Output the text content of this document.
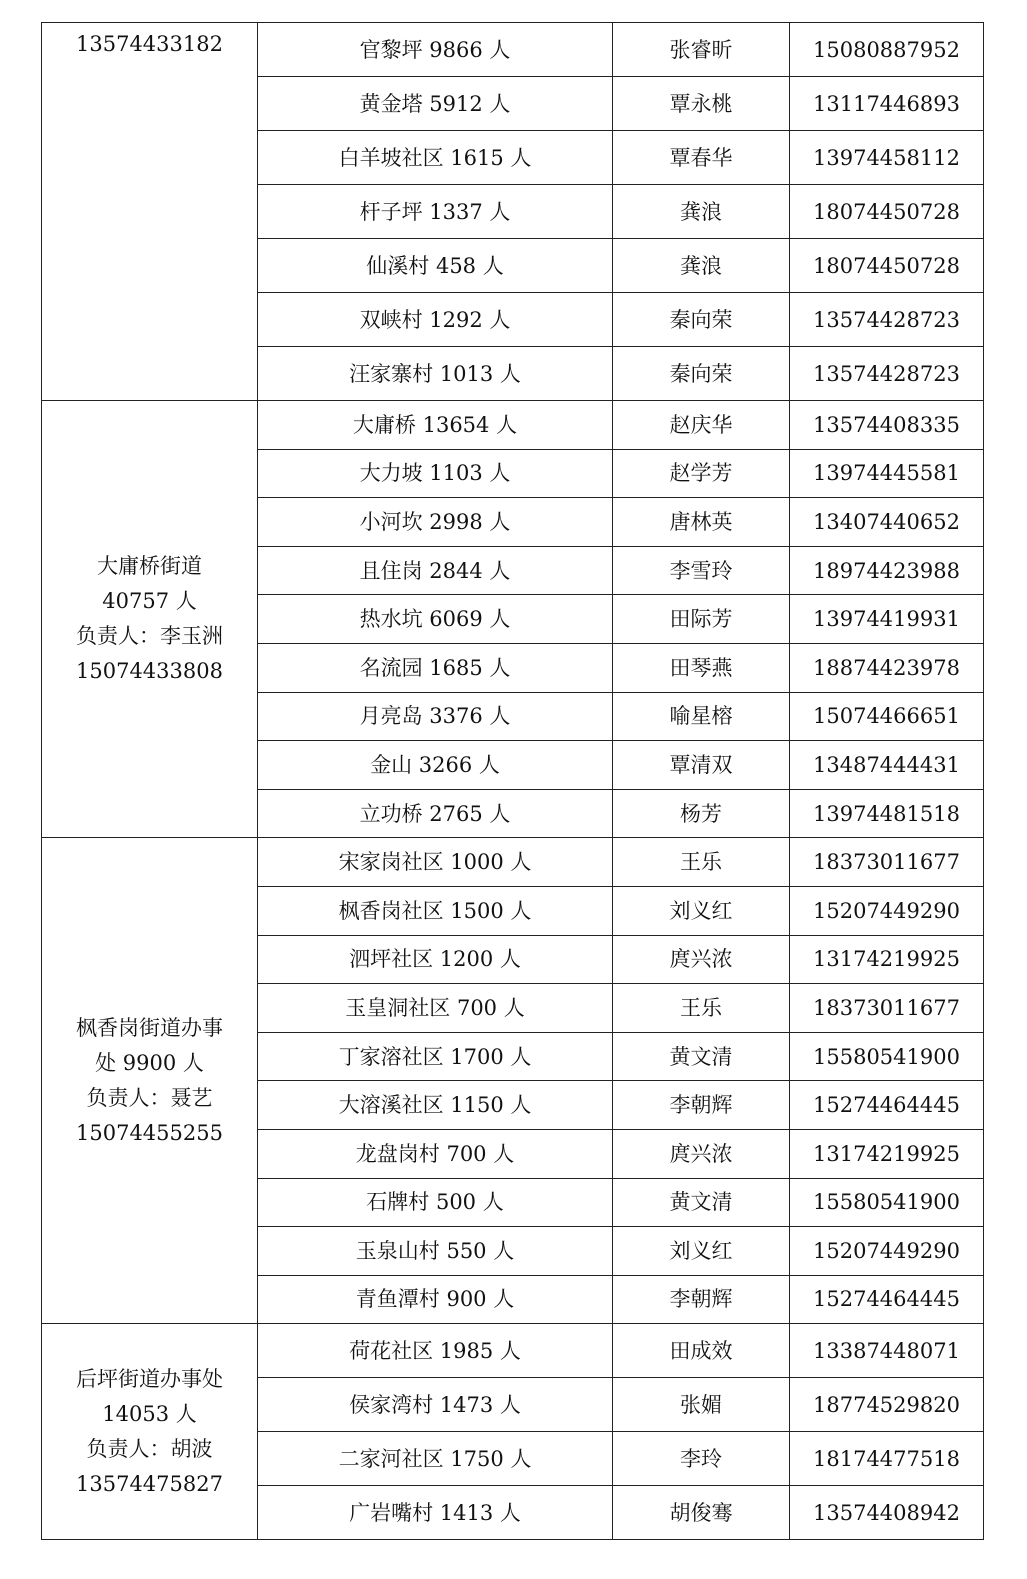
13574433182	官黎坪 9866 人	张睿昕	15080887952
	黄金塔 5912 人	覃永桃	13117446893
	白羊坡社区 1615 人	覃春华	13974458112
	杆子坪 1337 人	龚浪	18074450728
	仙溪村 458 人	龚浪	18074450728
	双峡村 1292 人	秦向荣	13574428723
	汪家寨村 1013 人	秦向荣	13574428723

大庸桥街道
40757 人
负责人：李玉洲
15074433808	大庸桥 13654 人	赵庆华	13574408335
	大力坡 1103 人	赵学芳	13974445581
	小河坎 2998 人	唐林英	13407440652
	且住岗 2844 人	李雪玲	18974423988
	热水坑 6069 人	田际芳	13974419931
	名流园 1685 人	田琴燕	18874423978
	月亮岛 3376 人	喻星榕	15074466651
	金山 3266 人	覃清双	13487444431
	立功桥 2765 人	杨芳	13974481518

枫香岗街道办事
处 9900 人
负责人：聂艺
15074455255	宋家岗社区 1000 人	王乐	18373011677
	枫香岗社区 1500 人	刘义红	15207449290
	泗坪社区 1200 人	庹兴浓	13174219925
	玉皇洞社区 700 人	王乐	18373011677
	丁家溶社区 1700 人	黄文清	15580541900
	大溶溪社区 1150 人	李朝辉	15274464445
	龙盘岗村 700 人	庹兴浓	13174219925
	石牌村 500 人	黄文清	15580541900
	玉泉山村 550 人	刘义红	15207449290
	青鱼潭村 900 人	李朝辉	15274464445

后坪街道办事处
14053 人
负责人：胡波
13574475827	荷花社区 1985 人	田成效	13387448071
	侯家湾村 1473 人	张媚	18774529820
	二家河社区 1750 人	李玲	18174477518
	广岩嘴村 1413 人	胡俊骞	13574408942
